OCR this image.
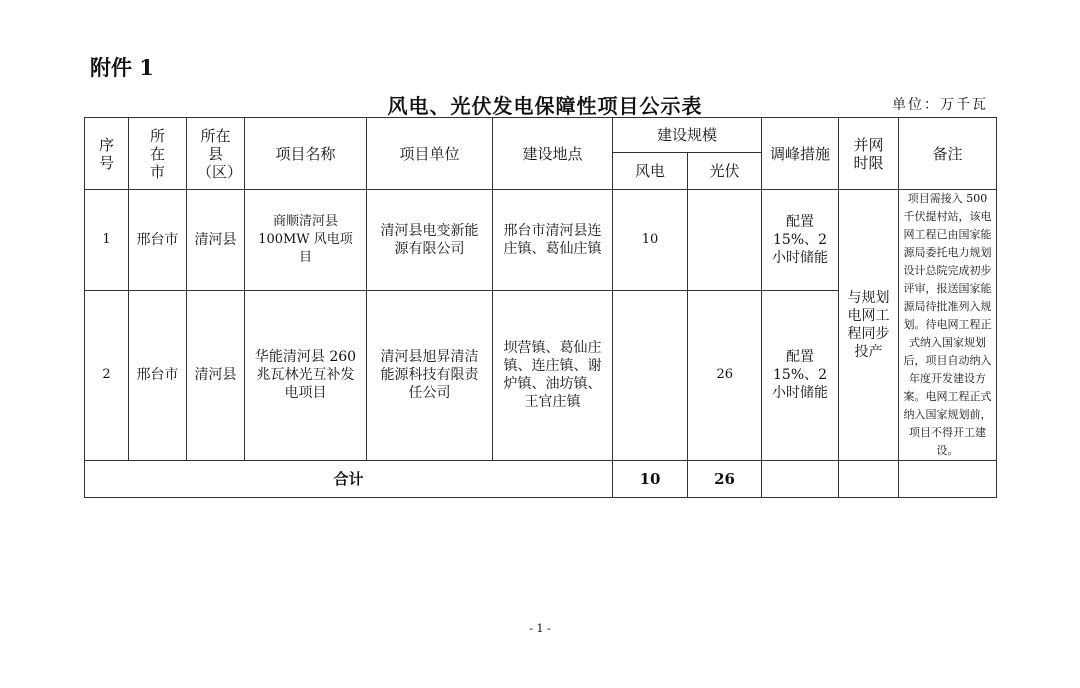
附件 1
风电、光伏发电保障性项目公示表	单位：万千瓦
序号	所在市	所在县（区）	项目名称	项目单位	建设地点	建设规模		调峰措施	并网时限	备注
						风电	光伏			
1	邢台市	清河县	商顺清河县 100MW 风电项目	清河县电变新能源有限公司	邢台市清河县连庄镇、葛仙庄镇	10		配置 15%、2 小时储能	与规划电网工程同步投产	项目需接入 500 千伏提村站，该电网工程已由国家能源局委托电力规划设计总院完成初步评审，报送国家能源局待批准列入规划。待电网工程正式纳入国家规划后，项目自动纳入年度开发建设方案。电网工程正式纳入国家规划前，项目不得开工建设。
2	邢台市	清河县	华能清河县 260 兆瓦林光互补发电项目	清河县旭昇清洁能源科技有限责任公司	坝营镇、葛仙庄镇、连庄镇、谢炉镇、油坊镇、王官庄镇		26	配置 15%、2 小时储能		
合计						10	26			
- 1 -
